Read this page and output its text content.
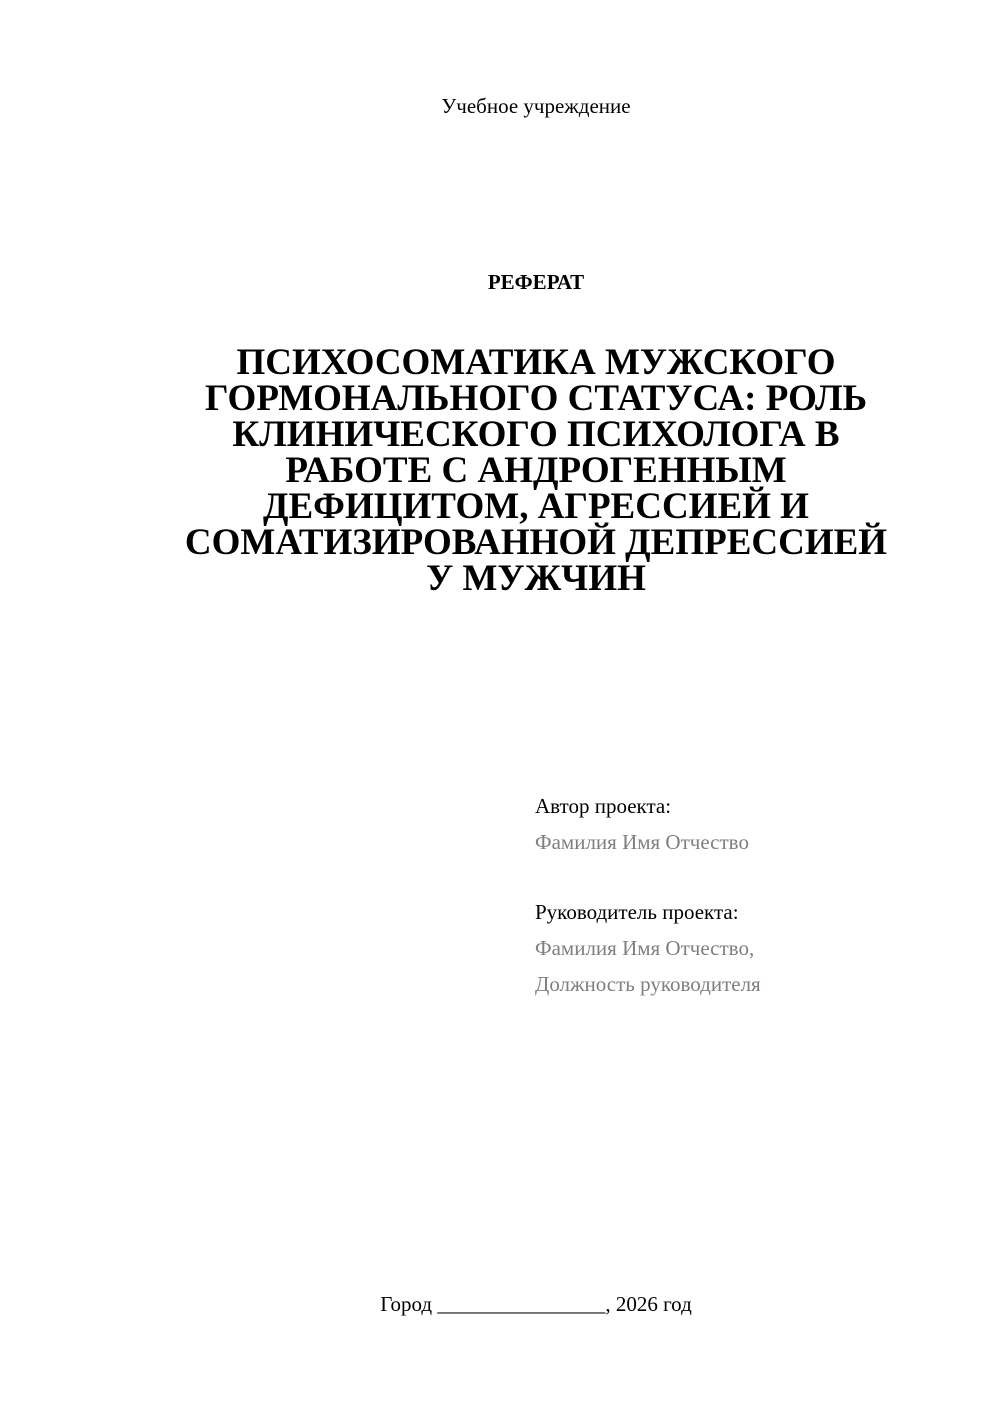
Учебное учреждение
РЕФЕРАТ
ПСИХОСОМАТИКА МУЖСКОГО
ГОРМОНАЛЬНОГО СТАТУСА: РОЛЬ
КЛИНИЧЕСКОГО ПСИХОЛОГА В
РАБОТЕ С АНДРОГЕННЫМ
ДЕФИЦИТОМ, АГРЕССИЕЙ И
СОМАТИЗИРОВАННОЙ ДЕПРЕССИЕЙ
У МУЖЧИН
Автор проекта:
Фамилия Имя Отчество
Руководитель проекта:
Фамилия Имя Отчество,
Должность руководителя
Город ________________, 2026 год
